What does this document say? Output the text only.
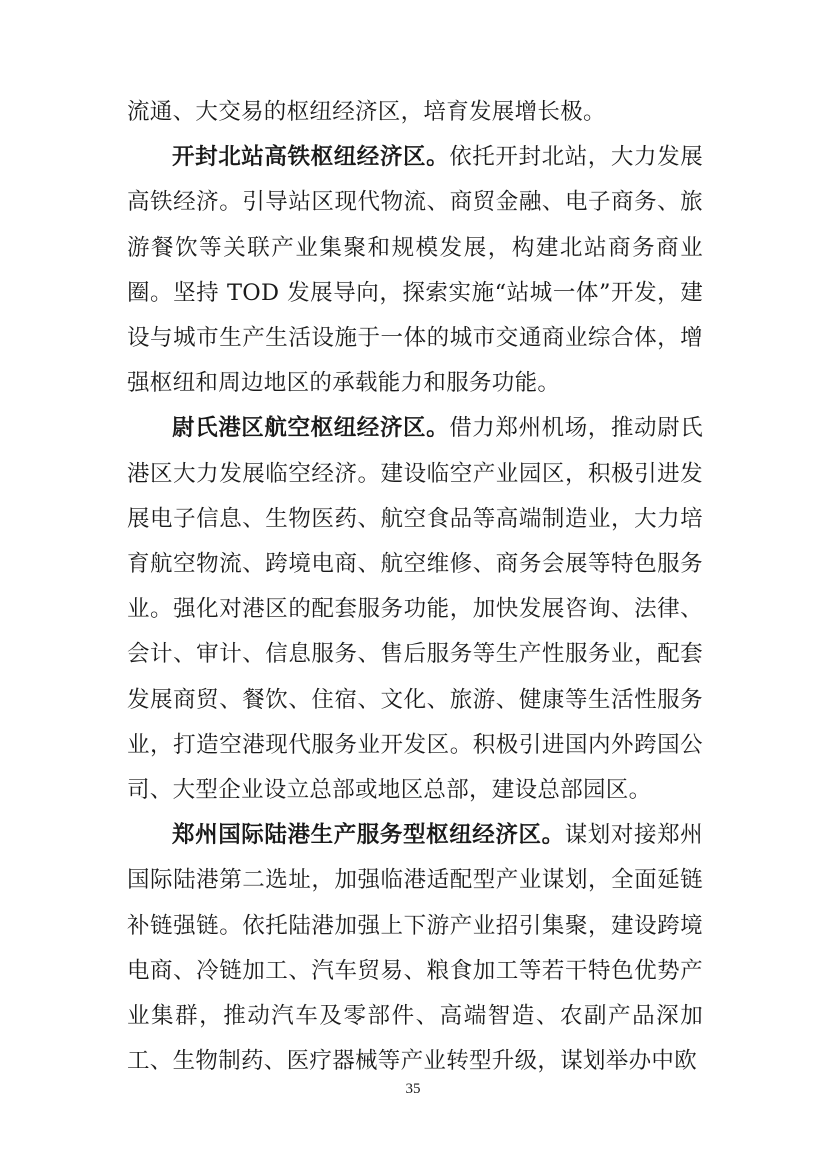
流通、大交易的枢纽经济区，培育发展增长极。

开封北站高铁枢纽经济区。依托开封北站，大力发展高铁经济。引导站区现代物流、商贸金融、电子商务、旅游餐饮等关联产业集聚和规模发展，构建北站商务商业圈。坚持 TOD 发展导向，探索实施“站城一体”开发，建设与城市生产生活设施于一体的城市交通商业综合体，增强枢纽和周边地区的承载能力和服务功能。

尉氏港区航空枢纽经济区。借力郑州机场，推动尉氏港区大力发展临空经济。建设临空产业园区，积极引进发展电子信息、生物医药、航空食品等高端制造业，大力培育航空物流、跨境电商、航空维修、商务会展等特色服务业。强化对港区的配套服务功能，加快发展咨询、法律、会计、审计、信息服务、售后服务等生产性服务业，配套发展商贸、餐饮、住宿、文化、旅游、健康等生活性服务业，打造空港现代服务业开发区。积极引进国内外跨国公司、大型企业设立总部或地区总部，建设总部园区。

郑州国际陆港生产服务型枢纽经济区。谋划对接郑州国际陆港第二选址，加强临港适配型产业谋划，全面延链补链强链。依托陆港加强上下游产业招引集聚，建设跨境电商、冷链加工、汽车贸易、粮食加工等若干特色优势产业集群，推动汽车及零部件、高端智造、农副产品深加工、生物制药、医疗器械等产业转型升级，谋划举办中欧

35
